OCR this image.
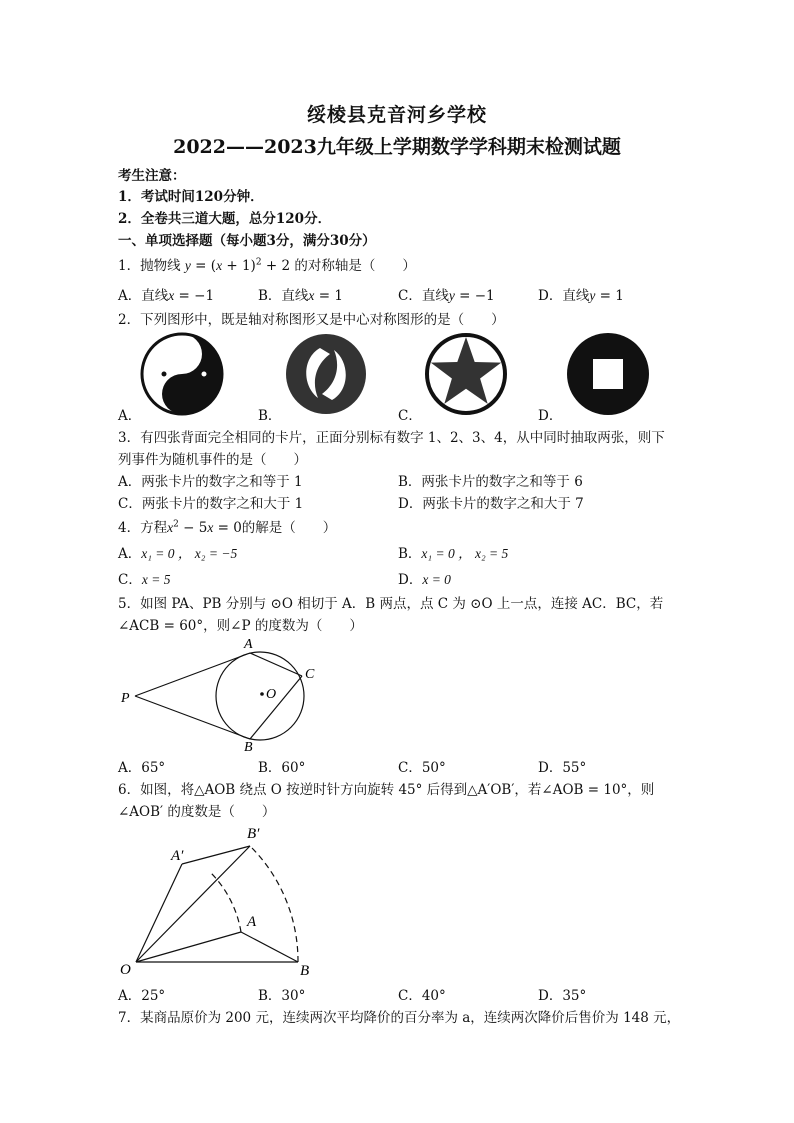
绥棱县克音河乡学校
2022——2023九年级上学期数学学科期末检测试题
考生注意：
1．考试时间120分钟．
2．全卷共三道大题，总分120分．
一、单项选择题（每小题3分，满分30分）
1．抛物线 $y = (x + 1)^2 + 2$ 的对称轴是（　　）
A．直线x = −1	B．直线x = 1	C．直线y = −1	D．直线y = 1
2．下列图形中，既是轴对称图形又是中心对称图形的是（　　）
A．	B．	C．	D．
3．有四张背面完全相同的卡片，正面分别标有数字 1、2、3、4，从中同时抽取两张，则下
列事件为随机事件的是（　　）
A．两张卡片的数字之和等于 1	B．两张卡片的数字之和等于 6
C．两张卡片的数字之和大于 1	D．两张卡片的数字之和大于 7
4．方程$x^2 - 5x = 0$的解是（　　）
A．x₁ = 0 ， x₂ = −5	B．x₁ = 0 ， x₂ = 5
C．x = 5	D．x = 0
5．如图 PA、PB 分别与 ⊙O 相切于 A．B 两点，点 C 为 ⊙O 上一点，连接 AC．BC，若
∠ACB = 60°，则∠P 的度数为（　　）
P
A
B
C
O
A．65°	B．60°	C．50°	D．55°
6．如图，将△AOB 绕点 O 按逆时针方向旋转 45° 后得到△A′OB′，若∠AOB = 10°，则
∠AOB′ 的度数是（　　）
O	B
A
A′
B′
A．25°	B．30°	C．40°	D．35°
7．某商品原价为 200 元，连续两次平均降价的百分率为 a，连续两次降价后售价为 148 元，
